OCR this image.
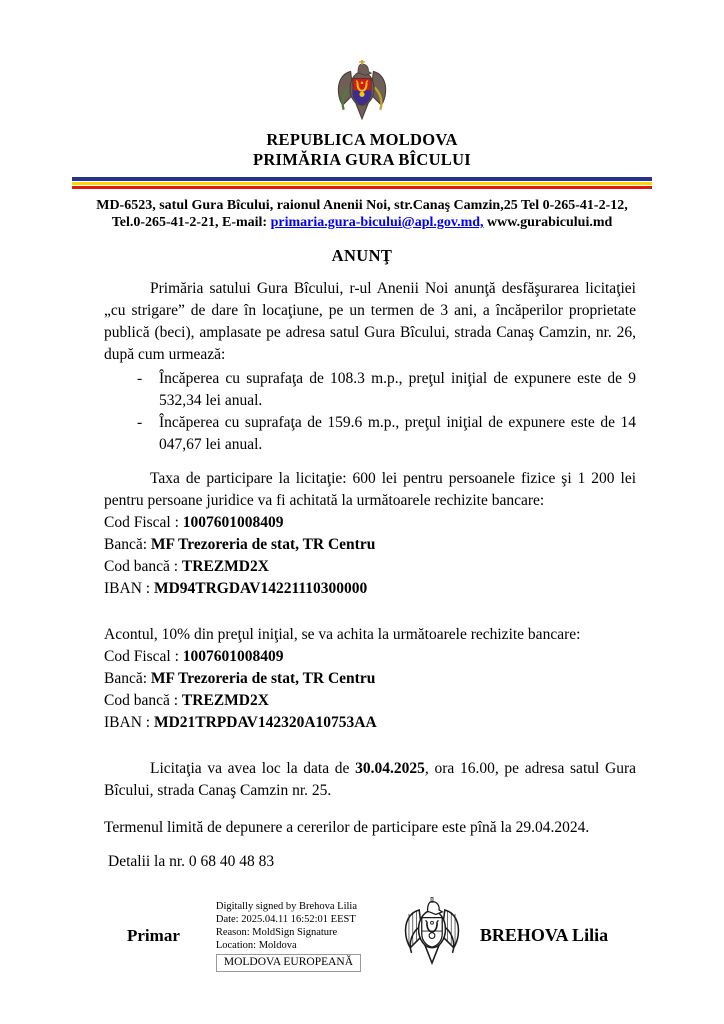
REPUBLICA MOLDOVA
PRIMĂRIA GURA BÎCULUI
MD-6523, satul Gura Bîcului, raionul Anenii Noi, str.Canaş Camzin,25 Tel 0-265-41-2-12,
Tel.0-265-41-2-21, E-mail: primaria.gura-bicului@apl.gov.md, www.gurabicului.md
ANUNŢ

Primăria satului Gura Bîcului, r-ul Anenii Noi anunţă desfăşurarea licitaţiei „cu strigare” de dare în locaţiune, pe un termen de 3 ani, a încăperilor proprietate publică (beci), amplasate pe adresa satul Gura Bîcului, strada Canaş Camzin, nr. 26, după cum urmează:

-	Încăperea cu suprafaţa de 108.3 m.p., preţul iniţial de expunere este de 9 532,34 lei anual.
-	Încăperea cu suprafaţa de 159.6 m.p., preţul iniţial de expunere este de 14 047,67 lei anual.

Taxa de participare la licitaţie: 600 lei pentru persoanele fizice şi 1 200 lei pentru persoane juridice va fi achitată la următoarele rechizite bancare:

Cod Fiscal : 1007601008409
Bancă: MF Trezoreria de stat, TR Centru
Cod bancă : TREZMD2X
IBAN : MD94TRGDAV14221110300000

Acontul, 10% din preţul iniţial, se va achita la următoarele rechizite bancare:

Cod Fiscal : 1007601008409
Bancă: MF Trezoreria de stat, TR Centru
Cod bancă : TREZMD2X
IBAN : MD21TRPDAV142320A10753AA

Licitaţia va avea loc la data de 30.04.2025, ora 16.00, pe adresa satul Gura Bîcului, strada Canaş Camzin nr. 25.

Termenul limită de depunere a cererilor de participare este pînă la 29.04.2024.

Detalii la nr. 0 68 40 48 83

Primar
Digitally signed by Brehova Lilia
Date: 2025.04.11 16:52:01 EEST
Reason: MoldSign Signature
Location: Moldova
MOLDOVA EUROPEANĂ
BREHOVA Lilia
